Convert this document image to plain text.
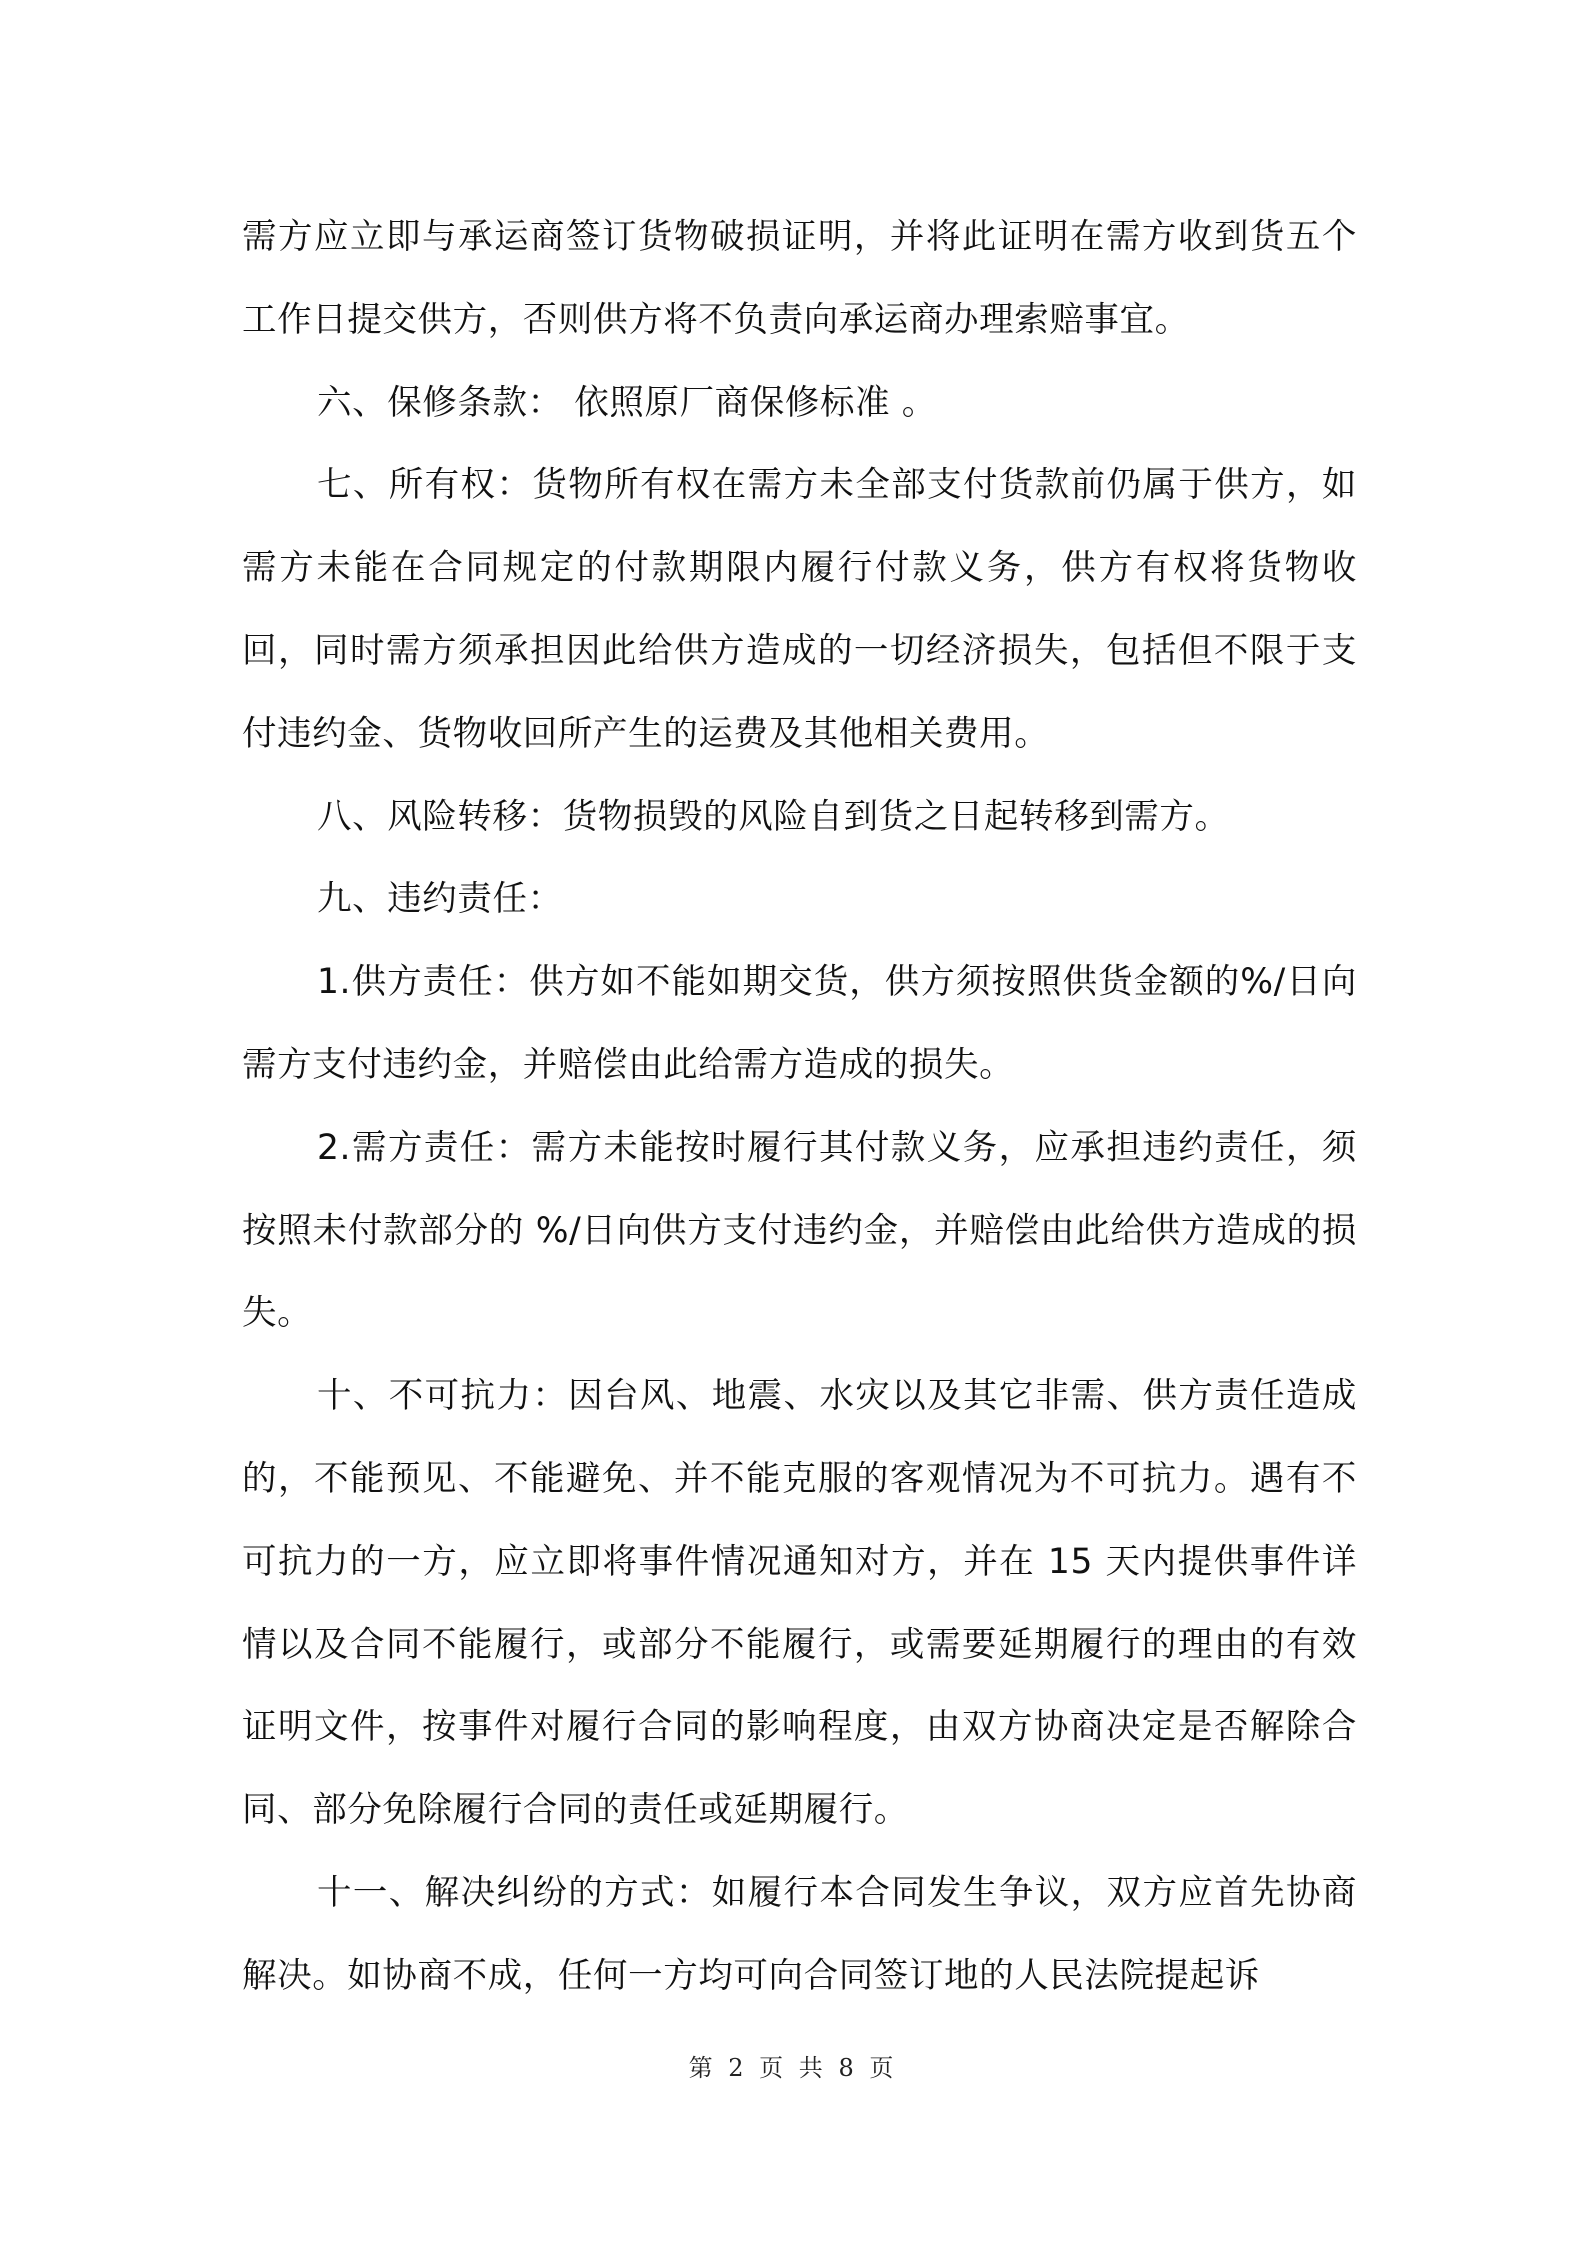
需方应立即与承运商签订货物破损证明，并将此证明在需方收到货五个工作日提交供方，否则供方将不负责向承运商办理索赔事宜。

六、保修条款： 依照原厂商保修标准 。

七、所有权：货物所有权在需方未全部支付货款前仍属于供方，如需方未能在合同规定的付款期限内履行付款义务，供方有权将货物收回，同时需方须承担因此给供方造成的一切经济损失，包括但不限于支付违约金、货物收回所产生的运费及其他相关费用。

八、风险转移：货物损毁的风险自到货之日起转移到需方。

九、违约责任：

1.供方责任：供方如不能如期交货，供方须按照供货金额的%/日向需方支付违约金，并赔偿由此给需方造成的损失。

2.需方责任：需方未能按时履行其付款义务，应承担违约责任，须按照未付款部分的 %/日向供方支付违约金，并赔偿由此给供方造成的损失。

十、不可抗力：因台风、地震、水灾以及其它非需、供方责任造成的，不能预见、不能避免、并不能克服的客观情况为不可抗力。遇有不可抗力的一方，应立即将事件情况通知对方，并在 15 天内提供事件详情以及合同不能履行，或部分不能履行，或需要延期履行的理由的有效证明文件，按事件对履行合同的影响程度，由双方协商决定是否解除合同、部分免除履行合同的责任或延期履行。

十一、解决纠纷的方式：如履行本合同发生争议，双方应首先协商解决。如协商不成，任何一方均可向合同签订地的人民法院提起诉

第 2 页 共 8 页
